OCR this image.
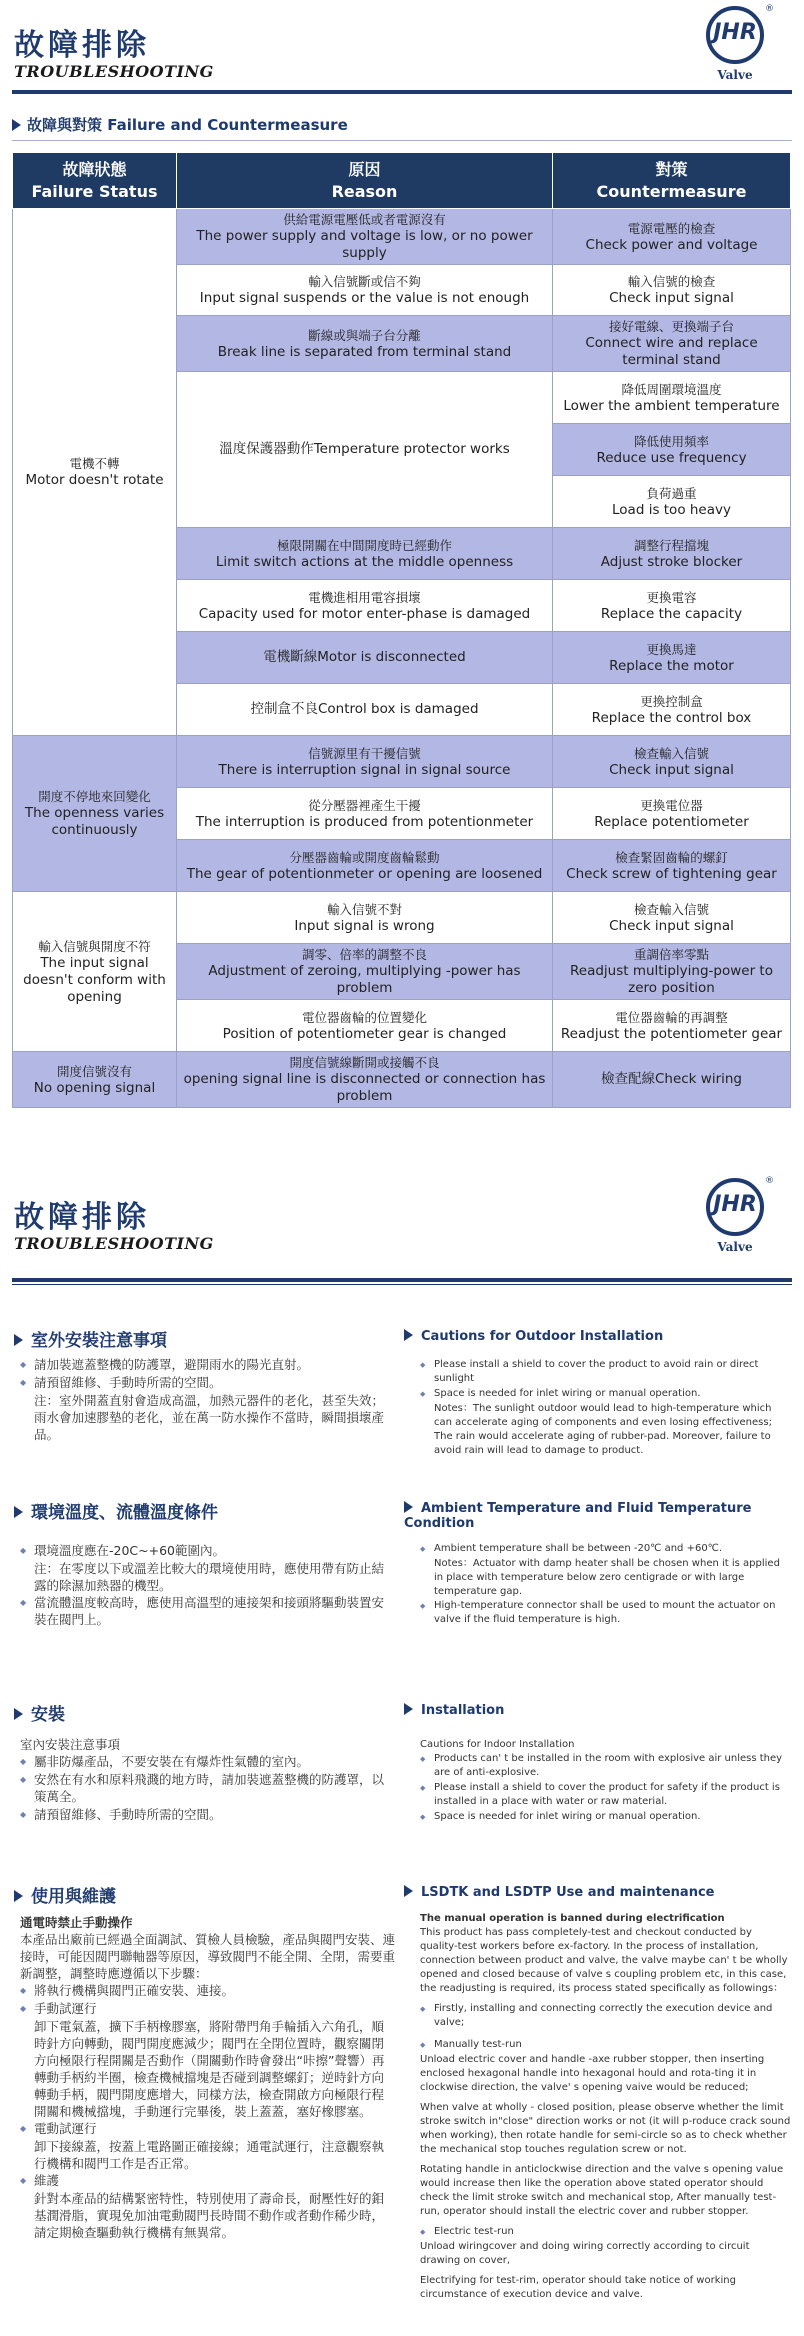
故障排除
TROUBLESHOOTING
JHR
®
Valve
故障與對策 Failure and Countermeasure
故障狀態
Failure Status	原因
Reason	對策
Countermeasure

電機不轉
Motor doesn't rotate	供給電源電壓低或者電源沒有
The power supply and voltage is low, or no power supply	電源電壓的檢查
Check power and voltage

	輸入信號斷或信不夠
Input signal suspends or the value is not enough	輸入信號的檢查
Check input signal

	斷線或與端子台分離
Break line is separated from terminal stand	接好電線、更換端子台
Connect wire and replace terminal stand
	溫度保護器動作Temperature protector works	降低周圍環境溫度
Lower the ambient temperature

		降低使用頻率
Reduce use frequency

		負荷過重
Load is too heavy

	極限開關在中間開度時已經動作
Limit switch actions at the middle openness	調整行程擋塊
Adjust stroke blocker

	電機進相用電容損壞
Capacity used for motor enter-phase is damaged	更換電容
Replace the capacity
	電機斷線Motor is disconnected	更換馬達
Replace the motor
	控制盒不良Control box is damaged	更換控制盒
Replace the control box

開度不停地來回變化
The openness varies continuously	信號源里有干擾信號
There is interruption signal in signal source	檢查輸入信號
Check input signal

	從分壓器裡產生干擾
The interruption is produced from potentionmeter	更換電位器
Replace potentiometer

	分壓器齒輪或開度齒輪鬆動
The gear of potentionmeter or opening are loosened	檢查緊固齒輪的螺釘
Check screw of tightening gear

輸入信號與開度不符
The input signal doesn't conform with opening	輸入信號不對
Input signal is wrong	檢查輸入信號
Check input signal

	調零、倍率的調整不良
Adjustment of zeroing, multiplying -power has problem	重調倍率零點
Readjust multiplying-power to zero position

	電位器齒輪的位置變化
Position of potentiometer gear is changed	電位器齒輪的再調整
Readjust the potentiometer gear

開度信號沒有
No opening signal	開度信號線斷開或接觸不良
opening signal line is disconnected or connection has problem	檢查配線Check wiring
故障排除
TROUBLESHOOTING
JHR
®
Valve
室外安裝注意事項	Cautions for Outdoor Installation
◆ 請加裝遮蓋整機的防護罩，避開雨水的陽光直射。
◆ 請預留維修、手動時所需的空間。
注：室外開蓋直射會造成高溫，加熱元器件的老化，甚至失效；雨水會加速膠墊的老化，並在萬一防水操作不當時，瞬間損壞產品。
◆ Please install a shield to cover the product to avoid rain or direct sunlight
◆ Space is needed for inlet wiring or manual operation.
Notes：The sunlight outdoor would lead to high-temperature which can accelerate aging of components and even losing effectiveness; The rain would accelerate aging of rubber-pad. Moreover, failure to avoid rain will lead to damage to product.
環境溫度、流體溫度條件	Ambient Temperature and Fluid Temperature Condition
◆ 環境溫度應在-20C~+60範圍內。
注：在零度以下或溫差比較大的環境使用時，應使用帶有防止結露的除濕加熱器的機型。
◆ 當流體溫度較高時，應使用高溫型的連接架和接頭將驅動裝置安裝在閥門上。
◆ Ambient temperature shall be between -20℃ and +60℃.
Notes：Actuator with damp heater shall be chosen when it is applied in place with temperature below zero centigrade or with large temperature gap.
◆ High-temperature connector shall be used to mount the actuator on valve if the fluid temperature is high.
安裝	Installation
室內安裝注意事項
◆ 屬非防爆產品，不要安裝在有爆炸性氣體的室內。
◆ 安然在有水和原料飛濺的地方時，請加裝遮蓋整機的防護罩，以策萬全。
◆ 請預留維修、手動時所需的空間。
Cautions for Indoor Installation
◆ Products can' t be installed in the room with explosive air unless they are of anti-explosive.
◆ Please install a shield to cover the product for safety if the product is installed in a place with water or raw material.
◆ Space is needed for inlet wiring or manual operation.
使用與維護	LSDTK and LSDTP Use and maintenance
通電時禁止手動操作
本產品出廠前已經過全面調試、質檢人員檢驗，產品與閥門安裝、連接時，可能因閥門聯軸器等原因，導致閥門不能全開、全閉，需要重新調整，調整時應遵循以下步驟：
◆ 將執行機構與閥門正確安裝、連接。
◆ 手動試運行
卸下電氣蓋，擴下手柄橡膠塞，將附帶門角手輪插入六角孔，順時針方向轉動，閥門開度應減少；閥門在全閉位置時，觀察關閉方向極限行程開關是否動作（開關動作時會發出“咔擦”聲響）再轉動手柄約半圈，檢查機械擋塊是否碰到調整螺釘；逆時針方向轉動手柄，閥門開度應增大，同樣方法，檢查開啟方向極限行程開關和機械擋塊，手動運行完畢後，裝上蓋蓋，塞好橡膠塞。
◆ 電動試運行
卸下接線蓋，按蓋上電路圖正確接線；通電試運行，注意觀察執行機構和閥門工作是否正常。
◆ 維護
針對本產品的結構緊密特性，特別使用了壽命長，耐壓性好的鉬基潤滑脂，實現免加油電動閥門長時間不動作或者動作稀少時，請定期檢查驅動執行機構有無異常。
The manual operation is banned during electrification
This product has pass completely-test and checkout conducted by quality-test workers before ex-factory. In the process of installation, connection between product and valve, the valve maybe can' t be wholly opened and closed because of valve s coupling problem etc, in this case, the readjusting is required, its process stated specifically as followings：
◆ Firstly, installing and connecting correctly the execution device and valve;
◆ Manually test-run
Unload electric cover and handle -axe rubber stopper, then inserting enclosed hexagonal handle into hexagonal hould and rota-ting it in clockwise direction, the valve' s opening vaive would be reduced;
When valve at wholly - closed position, please observe whether the limit stroke switch in"close" direction works or not (it will p-roduce crack sound when working), then rotate handle for semi-circle so as to check whether the mechanical stop touches regulation screw or not.
Rotating handle in anticlockwise direction and the valve s opening value would increase then like the operation above stated operator should check the limit stroke switch and mechanical stop, After manually test-run, operator should install the electric cover and rubber stopper.
◆ Electric test-run
Unload wiringcover and doing wiring correctly according to circuit drawing on cover,
Electrifying for test-rim, operator should take notice of working circumstance of execution device and valve.
